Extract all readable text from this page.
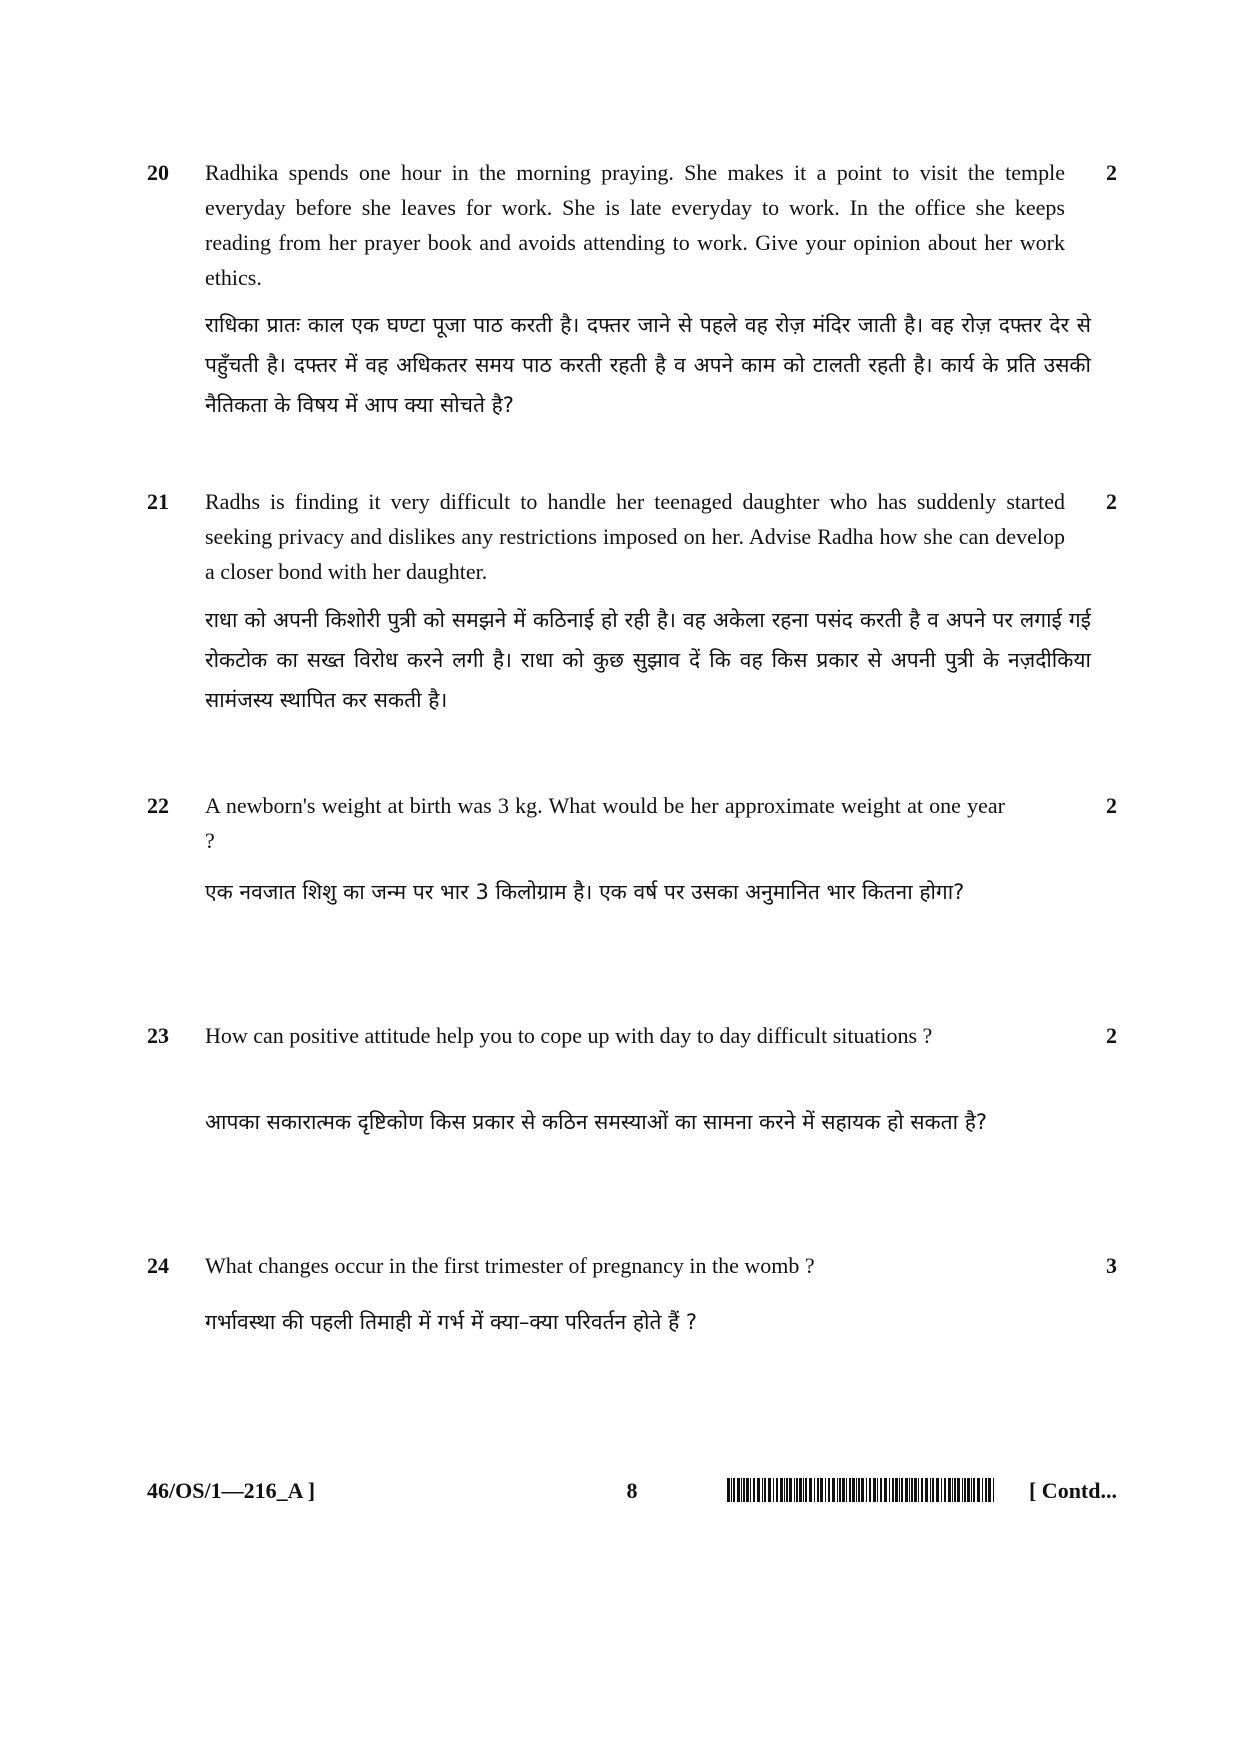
20	Radhika spends one hour in the morning praying. She makes it a point to visit the temple everyday before she leaves for work. She is late everyday to work. In the office she keeps reading from her prayer book and avoids attending to work. Give your opinion about her work ethics.
2
राधिका प्रातः काल एक घण्टा पूजा पाठ करती है। दफ्तर जाने से पहले वह रोज़ मंदिर जाती है। वह रोज़ दफ्तर देर से पहुँचती है। दफ्तर में वह अधिकतर समय पाठ करती रहती है व अपने काम को टालती रहती है। कार्य के प्रति उसकी नैतिकता के विषय में आप क्या सोचते है?
21	Radhs is finding it very difficult to handle her teenaged daughter who has suddenly started seeking privacy and dislikes any restrictions imposed on her. Advise Radha how she can develop a closer bond with her daughter.
2
राधा को अपनी किशोरी पुत्री को समझने में कठिनाई हो रही है। वह अकेला रहना पसंद करती है व अपने पर लगाई गई रोकटोक का सख्त विरोध करने लगी है। राधा को कुछ सुझाव दें कि वह किस प्रकार से अपनी पुत्री के नज़दीकिया सामंजस्य स्थापित कर सकती है।
22	A newborn's weight at birth was 3 kg. What would be her approximate weight at one year ?
2
एक नवजात शिशु का जन्म पर भार 3 किलोग्राम है। एक वर्ष पर उसका अनुमानित भार कितना होगा?
23	How can positive attitude help you to cope up with day to day difficult situations ?	2
आपका सकारात्मक दृष्टिकोण किस प्रकार से कठिन समस्याओं का सामना करने में सहायक हो सकता है?
24	What changes occur in the first trimester of pregnancy in the womb ?	3
गर्भावस्था की पहली तिमाही में गर्भ में क्या–क्या परिवर्तन होते हैं ?
46/OS/1—216_A ]	8	[ Contd...
